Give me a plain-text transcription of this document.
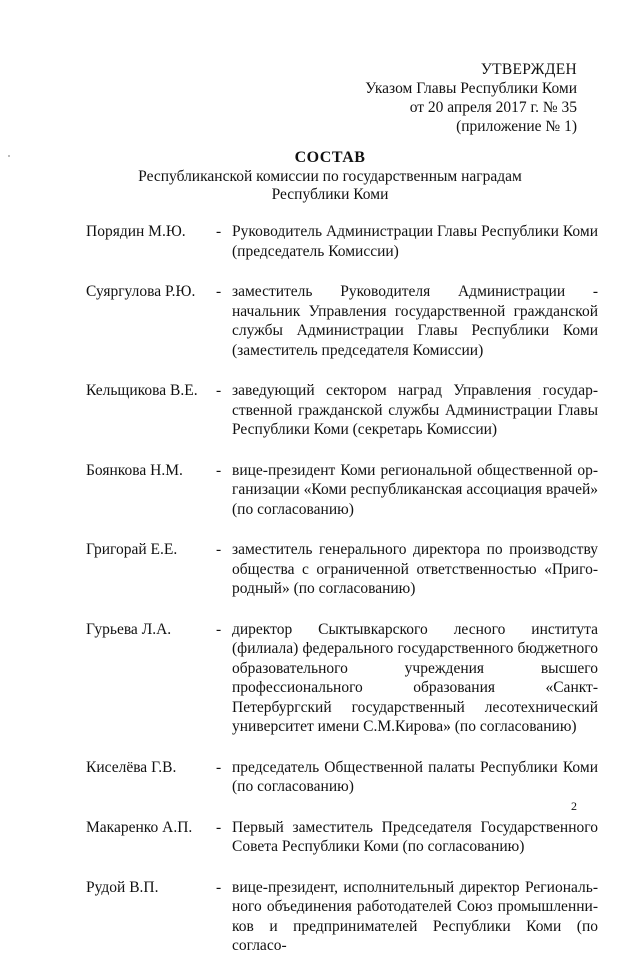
УТВЕРЖДЕН
Указом Главы Республики Коми
от 20 апреля 2017 г. № 35
(приложение № 1)
СОСТАВ
Республиканской комиссии по государственным наградам
Республики Коми
Порядин М.Ю.	- Руководитель Администрации Главы Республики Коми (председатель Комиссии)
Суяргулова Р.Ю.	- заместитель Руководителя Администрации - начальник Управления государственной гражданской службы Администрации Главы Республики Коми (заместитель председателя Комиссии)
Кельщикова В.Е.	- заведующий сектором наград Управления государственной гражданской службы Администрации Главы Республики Коми (секретарь Комиссии)
Боянкова Н.М.	- вице-президент Коми региональной общественной организации «Коми республиканская ассоциация врачей» (по согласованию)
Григорай Е.Е.	- заместитель генерального директора по производству общества с ограниченной ответственностью «Пригородный» (по согласованию)
Гурьева Л.А.	- директор Сыктывкарского лесного института (филиала) федерального государственного бюджетного образовательного учреждения высшего профессионального образования «Санкт-Петербургский государственный лесотехнический университет имени С.М.Кирова» (по согласованию)
Киселёва Г.В.	- председатель Общественной палаты Республики Коми (по согласованию)
Макаренко А.П.	- Первый заместитель Председателя Государственного Совета Республики Коми (по согласованию)
Рудой В.П.	- вице-президент, исполнительный директор Регионального объединения работодателей Союз промышленников и предпринимателей Республики Коми (по согласо-
2
